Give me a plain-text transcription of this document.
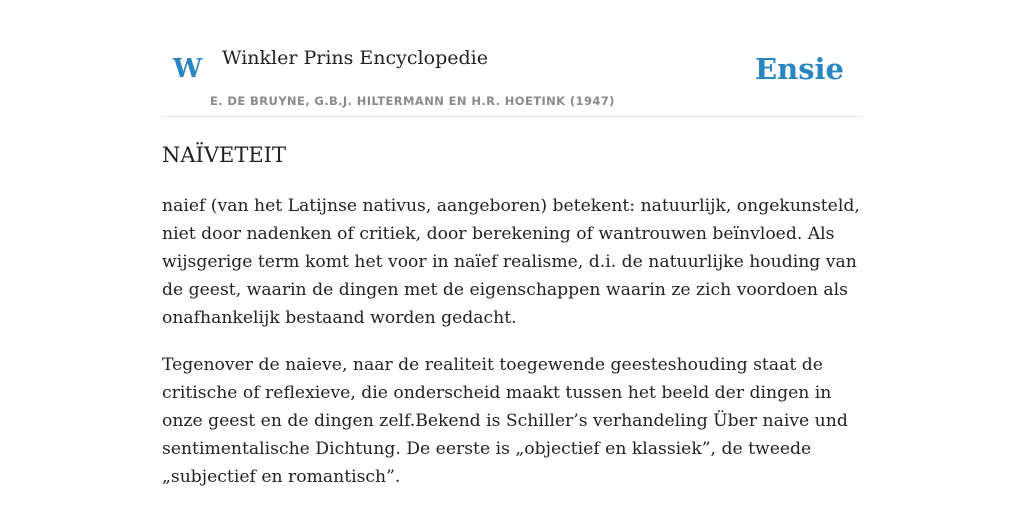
W Winkler Prins Encyclopedie
E. DE BRUYNE, G.B.J. HILTERMANN EN H.R. HOETINK (1947)
Ensie
NAÏVETEIT

naief (van het Latijnse nativus, aangeboren) betekent: natuurlijk, ongekunsteld, niet door nadenken of critiek, door berekening of wantrouwen beïnvloed. Als wijsgerige term komt het voor in naïef realisme, d.i. de natuurlijke houding van de geest, waarin de dingen met de eigenschappen waarin ze zich voordoen als onafhankelijk bestaand worden gedacht.

Tegenover de naieve, naar de realiteit toegewende geesteshouding staat de critische of reflexieve, die onderscheid maakt tussen het beeld der dingen in onze geest en de dingen zelf.Bekend is Schiller’s verhandeling Über naive und sentimentalische Dichtung. De eerste is „objectief en klassiek”, de tweede „subjectief en romantisch”.
